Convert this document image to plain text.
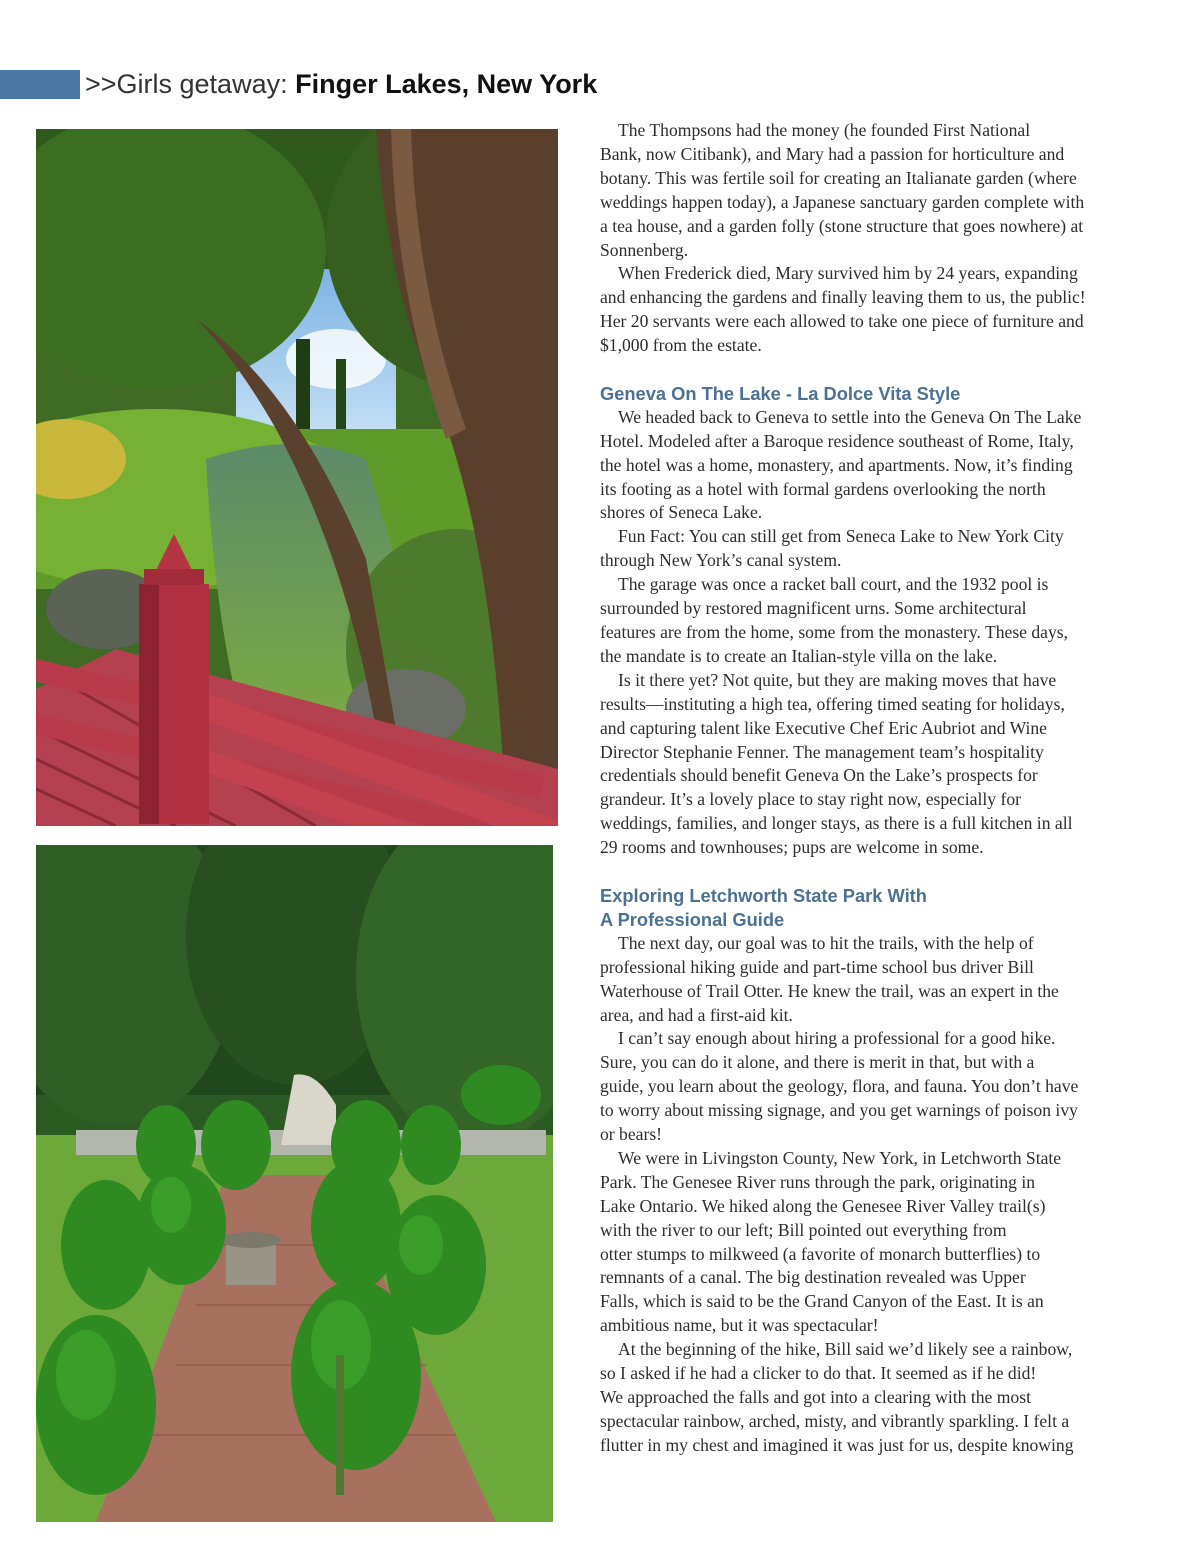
>>Girls getaway: Finger Lakes, New York

The Thompsons had the money (he founded First National
Bank, now Citibank), and Mary had a passion for horticulture and
botany. This was fertile soil for creating an Italianate garden (where
weddings happen today), a Japanese sanctuary garden complete with
a tea house, and a garden folly (stone structure that goes nowhere) at
Sonnenberg.

When Frederick died, Mary survived him by 24 years, expanding
and enhancing the gardens and finally leaving them to us, the public!
Her 20 servants were each allowed to take one piece of furniture and
$1,000 from the estate.

Geneva On The Lake - La Dolce Vita Style

We headed back to Geneva to settle into the Geneva On The Lake
Hotel. Modeled after a Baroque residence southeast of Rome, Italy,
the hotel was a home, monastery, and apartments. Now, it’s finding
its footing as a hotel with formal gardens overlooking the north
shores of Seneca Lake.

Fun Fact: You can still get from Seneca Lake to New York City
through New York’s canal system.

The garage was once a racket ball court, and the 1932 pool is
surrounded by restored magnificent urns. Some architectural
features are from the home, some from the monastery. These days,
the mandate is to create an Italian-style villa on the lake.

Is it there yet? Not quite, but they are making moves that have
results—instituting a high tea, offering timed seating for holidays,
and capturing talent like Executive Chef Eric Aubriot and Wine
Director Stephanie Fenner. The management team’s hospitality
credentials should benefit Geneva On the Lake’s prospects for
grandeur. It’s a lovely place to stay right now, especially for
weddings, families, and longer stays, as there is a full kitchen in all
29 rooms and townhouses; pups are welcome in some.

Exploring Letchworth State Park With
A Professional Guide

The next day, our goal was to hit the trails, with the help of
professional hiking guide and part-time school bus driver Bill
Waterhouse of Trail Otter. He knew the trail, was an expert in the
area, and had a first-aid kit.

I can’t say enough about hiring a professional for a good hike.
Sure, you can do it alone, and there is merit in that, but with a
guide, you learn about the geology, flora, and fauna. You don’t have
to worry about missing signage, and you get warnings of poison ivy
or bears!

We were in Livingston County, New York, in Letchworth State
Park. The Genesee River runs through the park, originating in
Lake Ontario. We hiked along the Genesee River Valley trail(s)
with the river to our left; Bill pointed out everything from
otter stumps to milkweed (a favorite of monarch butterflies) to
remnants of a canal. The big destination revealed was Upper
Falls, which is said to be the Grand Canyon of the East. It is an
ambitious name, but it was spectacular!

At the beginning of the hike, Bill said we’d likely see a rainbow,
so I asked if he had a clicker to do that. It seemed as if he did!
We approached the falls and got into a clearing with the most
spectacular rainbow, arched, misty, and vibrantly sparkling. I felt a
flutter in my chest and imagined it was just for us, despite knowing
